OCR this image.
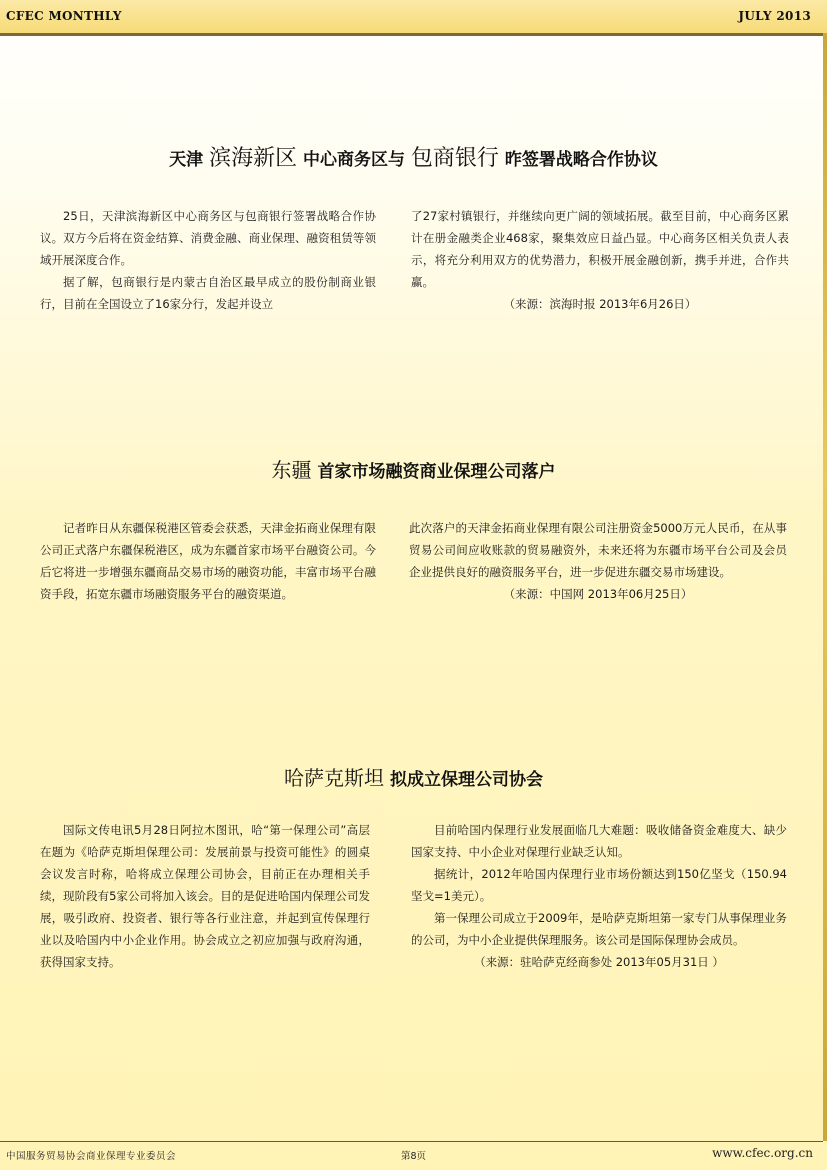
CFEC MONTHLY	JULY 2013
天津 滨海新区 中心商务区与 包商银行 昨签署战略合作协议

25日，天津滨海新区中心商务区与包商银行签署战略合作协议。双方今后将在资金结算、消费金融、商业保理、融资租赁等领域开展深度合作。

据了解，包商银行是内蒙古自治区最早成立的股份制商业银行，目前在全国设立了16家分行，发起并设立

了27家村镇银行，并继续向更广阔的领域拓展。截至目前，中心商务区累计在册金融类企业468家，聚集效应日益凸显。中心商务区相关负责人表示，将充分利用双方的优势潜力，积极开展金融创新，携手并进，合作共赢。

（来源：滨海时报 2013年6月26日）

东疆 首家市场融资商业保理公司落户

记者昨日从东疆保税港区管委会获悉，天津金拓商业保理有限公司正式落户东疆保税港区，成为东疆首家市场平台融资公司。今后它将进一步增强东疆商品交易市场的融资功能，丰富市场平台融资手段，拓宽东疆市场融资服务平台的融资渠道。

此次落户的天津金拓商业保理有限公司注册资金5000万元人民币，在从事贸易公司间应收账款的贸易融资外，未来还将为东疆市场平台公司及会员企业提供良好的融资服务平台，进一步促进东疆交易市场建设。

（来源：中国网 2013年06月25日）

哈萨克斯坦 拟成立保理公司协会

国际文传电讯5月28日阿拉木图讯，哈“第一保理公司”高层在题为《哈萨克斯坦保理公司：发展前景与投资可能性》的圆桌会议发言时称，哈将成立保理公司协会，目前正在办理相关手续，现阶段有5家公司将加入该会。目的是促进哈国内保理公司发展，吸引政府、投资者、银行等各行业注意，并起到宣传保理行业以及哈国内中小企业作用。协会成立之初应加强与政府沟通，获得国家支持。

目前哈国内保理行业发展面临几大难题：吸收储备资金难度大、缺少国家支持、中小企业对保理行业缺乏认知。

据统计，2012年哈国内保理行业市场份额达到150亿坚戈（150.94坚戈=1美元）。

第一保理公司成立于2009年，是哈萨克斯坦第一家专门从事保理业务的公司，为中小企业提供保理服务。该公司是国际保理协会成员。

（来源：驻哈萨克经商参处 2013年05月31日 ）

中国服务贸易协会商业保理专业委员会	第8页	www.cfec.org.cn
